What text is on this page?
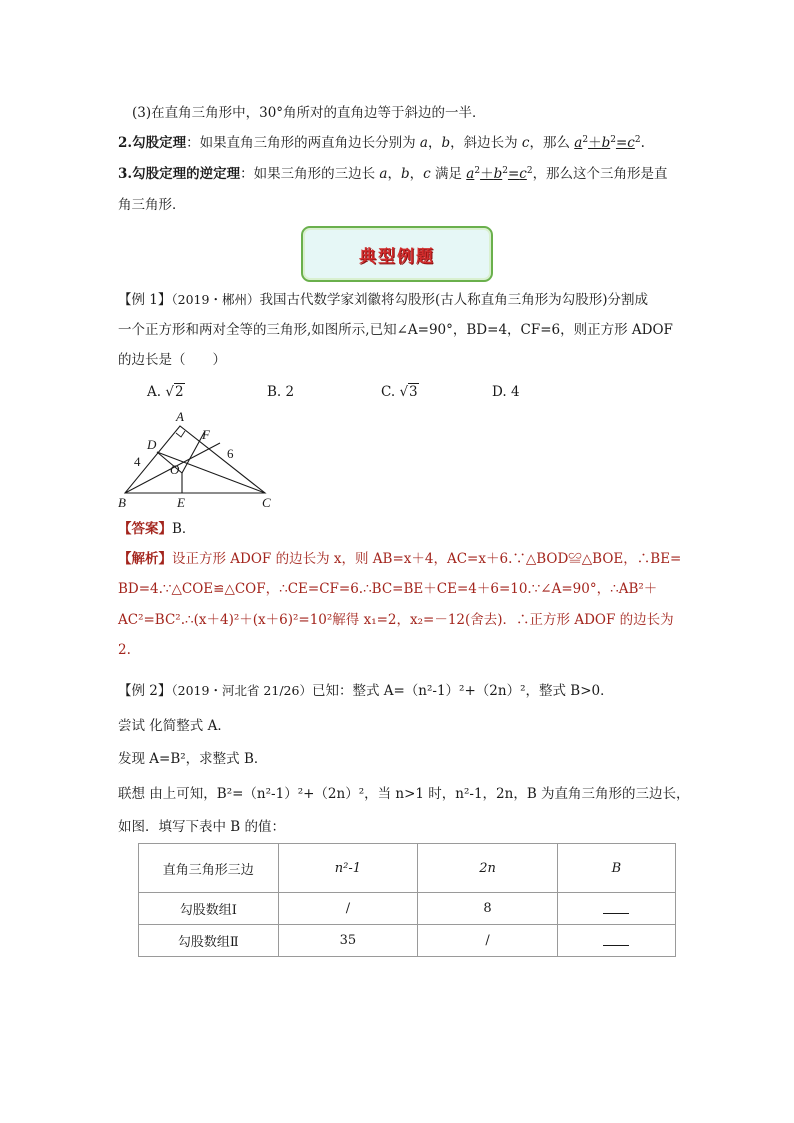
(3)在直角三角形中，30°角所对的直角边等于斜边的一半．
2.勾股定理：如果直角三角形的两直角边长分别为 a，b，斜边长为 c，那么 $a^2+b^2=c^2$.
3.勾股定理的逆定理：如果三角形的三边长 a，b，c 满足 $a^2+b^2=c^2$，那么这个三角形是直
角三角形．
典型例题
【例 1】（2019・郴州）我国古代数学家刘徽将勾股形(古人称直角三角形为勾股形)分割成
一个正方形和两对全等的三角形,如图所示,已知∠A=90°，BD=4，CF=6，则正方形 ADOF
的边长是（　　）
A. √2	B. 2	C. √3	D. 4
A
D
F
O
B	E	C
4
6
【答案】B．
【解析】设正方形 ADOF 的边长为 x，则 AB=x＋4，AC=x＋6.∵△BOD≌△BOE，∴BE=
BD=4.∵△COE≌△COF，∴CE=CF=6.∴BC=BE＋CE=4＋6=10.∵∠A=90°，∴AB²＋
AC²=BC².∴(x＋4)²＋(x＋6)²=10²解得 x₁=2，x₂=－12(舍去)．∴正方形 ADOF 的边长为
2.
【例 2】（2019・河北省 21/26）已知：整式 A=（n²-1）²+（2n）²，整式 B>0．
尝试 化简整式 A．
发现 A=B²，求整式 B．
联想 由上可知，B²=（n²-1）²+（2n）²，当 n>1 时，n²-1，2n，B 为直角三角形的三边长，
如图．填写下表中 B 的值：
直角三角形三边	n²-1	2n	B
勾股数组Ⅰ	/	8	
勾股数组Ⅱ	35	/	
